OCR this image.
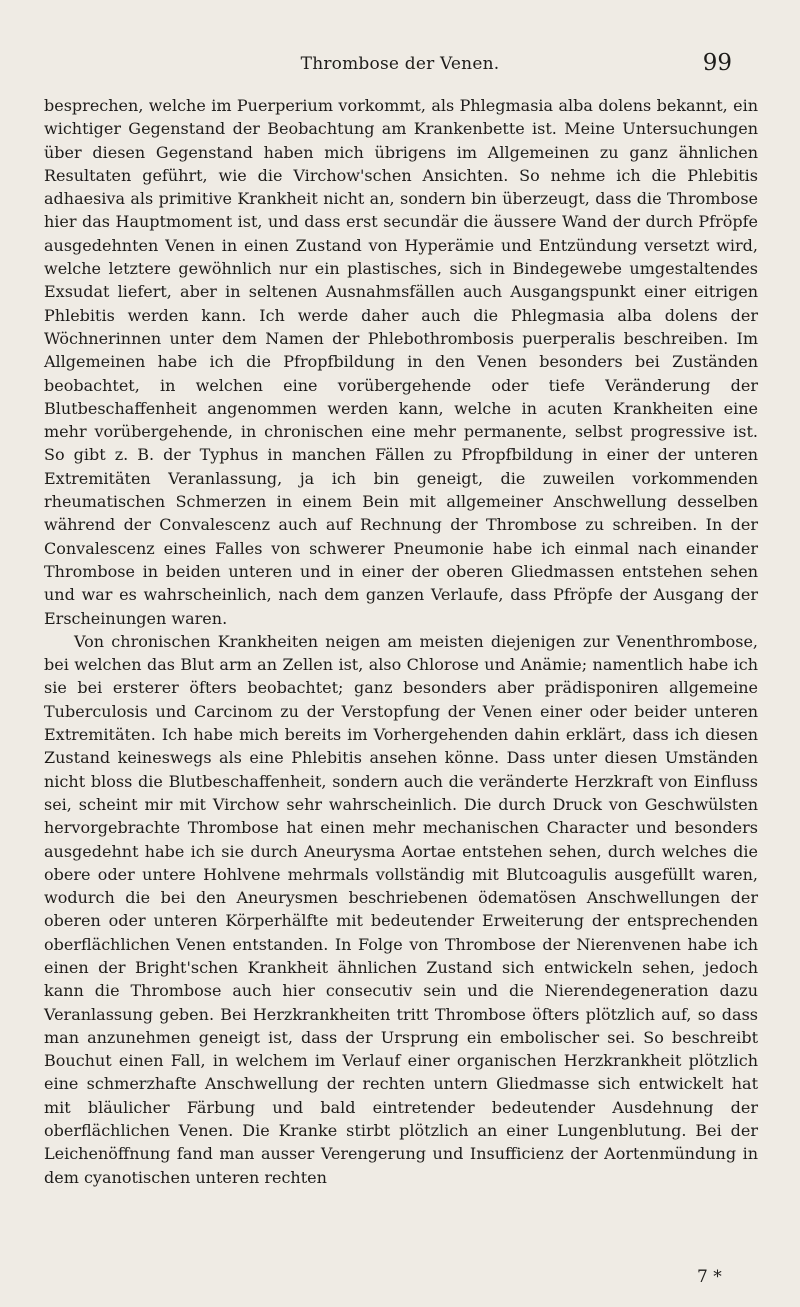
Thrombose der Venen.	99

besprechen, welche im Puerperium vorkommt, als Phlegmasia alba dolens bekannt, ein wichtiger Gegenstand der Beobachtung am Krankenbette ist. Meine Untersuchungen über diesen Gegenstand haben mich übrigens im Allgemeinen zu ganz ähnlichen Resultaten geführt, wie die Virchow'schen Ansichten. So nehme ich die Phlebitis adhaesiva als primitive Krankheit nicht an, sondern bin überzeugt, dass die Thrombose hier das Hauptmoment ist, und dass erst secundär die äussere Wand der durch Pfröpfe ausgedehnten Venen in einen Zustand von Hyperämie und Entzündung versetzt wird, welche letztere gewöhnlich nur ein plastisches, sich in Bindegewebe umgestaltendes Exsudat liefert, aber in seltenen Ausnahmsfällen auch Ausgangspunkt einer eitrigen Phlebitis werden kann. Ich werde daher auch die Phlegmasia alba dolens der Wöchnerinnen unter dem Namen der Phlebothrombosis puerperalis beschreiben. Im Allgemeinen habe ich die Pfropfbildung in den Venen besonders bei Zuständen beobachtet, in welchen eine vorübergehende oder tiefe Veränderung der Blutbeschaffenheit angenommen werden kann, welche in acuten Krankheiten eine mehr vorübergehende, in chronischen eine mehr permanente, selbst progressive ist. So gibt z. B. der Typhus in manchen Fällen zu Pfropfbildung in einer der unteren Extremitäten Veranlassung, ja ich bin geneigt, die zuweilen vorkommenden rheumatischen Schmerzen in einem Bein mit allgemeiner Anschwellung desselben während der Convalescenz auch auf Rechnung der Thrombose zu schreiben. In der Convalescenz eines Falles von schwerer Pneumonie habe ich einmal nach einander Thrombose in beiden unteren und in einer der oberen Gliedmassen entstehen sehen und war es wahrscheinlich, nach dem ganzen Verlaufe, dass Pfröpfe der Ausgang der Erscheinungen waren.

Von chronischen Krankheiten neigen am meisten diejenigen zur Venenthrombose, bei welchen das Blut arm an Zellen ist, also Chlorose und Anämie; namentlich habe ich sie bei ersterer öfters beobachtet; ganz besonders aber prädisponiren allgemeine Tuberculosis und Carcinom zu der Verstopfung der Venen einer oder beider unteren Extremitäten. Ich habe mich bereits im Vorhergehenden dahin erklärt, dass ich diesen Zustand keineswegs als eine Phlebitis ansehen könne. Dass unter diesen Umständen nicht bloss die Blutbeschaffenheit, sondern auch die veränderte Herzkraft von Einfluss sei, scheint mir mit Virchow sehr wahrscheinlich. Die durch Druck von Geschwülsten hervorgebrachte Thrombose hat einen mehr mechanischen Character und besonders ausgedehnt habe ich sie durch Aneurysma Aortae entstehen sehen, durch welches die obere oder untere Hohlvene mehrmals vollständig mit Blutcoagulis ausgefüllt waren, wodurch die bei den Aneurysmen beschriebenen ödematösen Anschwellungen der oberen oder unteren Körperhälfte mit bedeutender Erweiterung der entsprechenden oberflächlichen Venen entstanden. In Folge von Thrombose der Nierenvenen habe ich einen der Bright'schen Krankheit ähnlichen Zustand sich entwickeln sehen, jedoch kann die Thrombose auch hier consecutiv sein und die Nierendegeneration dazu Veranlassung geben. Bei Herzkrankheiten tritt Thrombose öfters plötzlich auf, so dass man anzunehmen geneigt ist, dass der Ursprung ein embolischer sei. So beschreibt Bouchut einen Fall, in welchem im Verlauf einer organischen Herzkrankheit plötzlich eine schmerzhafte Anschwellung der rechten untern Gliedmasse sich entwickelt hat mit bläulicher Färbung und bald eintretender bedeutender Ausdehnung der oberflächlichen Venen. Die Kranke stirbt plötzlich an einer Lungenblutung. Bei der Leichenöffnung fand man ausser Verengerung und Insufficienz der Aortenmündung in dem cyanotischen unteren rechten

7 *
